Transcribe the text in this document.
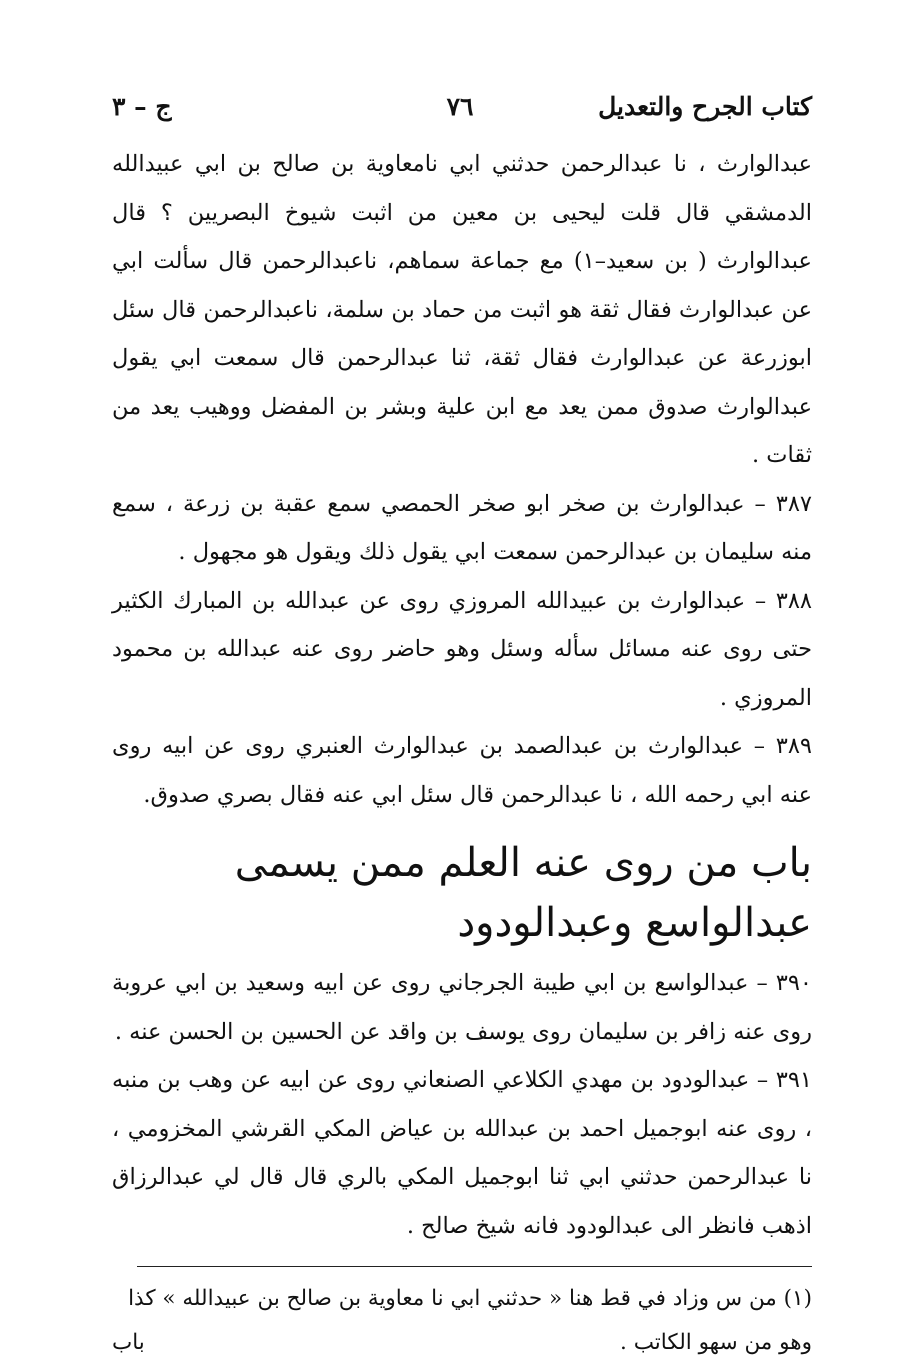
كتاب الجرح والتعديل
٧٦
ج – ٣

عبدالوارث ، نا عبدالرحمن حدثني ابي نامعاوية بن صالح بن ابي عبيدالله الدمشقي قال قلت ليحيى بن معين من اثبت شيوخ البصريين ؟ قال عبدالوارث ( بن سعيد–١) مع جماعة سماهم، ناعبدالرحمن قال سألت ابي عن عبدالوارث فقال ثقة هو اثبت من حماد بن سلمة، ناعبدالرحمن قال سئل ابوزرعة عن عبدالوارث فقال ثقة، ثنا عبدالرحمن قال سمعت ابي يقول عبدالوارث صدوق ممن يعد مع ابن علية وبشر بن المفضل ووهيب يعد من ثقات .

٣٨٧ – عبدالوارث بن صخر ابو صخر الحمصي سمع عقبة بن زرعة ، سمع منه سليمان بن عبدالرحمن سمعت ابي يقول ذلك ويقول هو مجهول .

٣٨٨ – عبدالوارث بن عبيدالله المروزي روى عن عبدالله بن المبارك الكثير حتى روى عنه مسائل سأله وسئل وهو حاضر روى عنه عبدالله بن محمود المروزي .

٣٨٩ – عبدالوارث بن عبدالصمد بن عبدالوارث العنبري روى عن ابيه روى عنه ابي رحمه الله ، نا عبدالرحمن قال سئل ابي عنه فقال بصري صدوق.

باب من روى عنه العلم ممن يسمى
عبدالواسع وعبدالودود

٣٩٠ – عبدالواسع بن ابي طيبة الجرجاني روى عن ابيه وسعيد بن ابي عروبة روى عنه زافر بن سليمان روى يوسف بن واقد عن الحسين بن الحسن عنه .

٣٩١ – عبدالودود بن مهدي الكلاعي الصنعاني روى عن ابيه عن وهب بن منبه ، روى عنه ابوجميل احمد بن عبدالله بن عياض المكي القرشي المخزومي ، نا عبدالرحمن حدثني ابي ثنا ابوجميل المكي بالري قال قال لي عبدالرزاق اذهب فانظر الى عبدالودود فانه شيخ صالح .

(١) من س وزاد في قط هنا « حدثني ابي نا معاوية بن صالح بن عبيدالله » كذا وهو من سهو الكاتب .
باب
